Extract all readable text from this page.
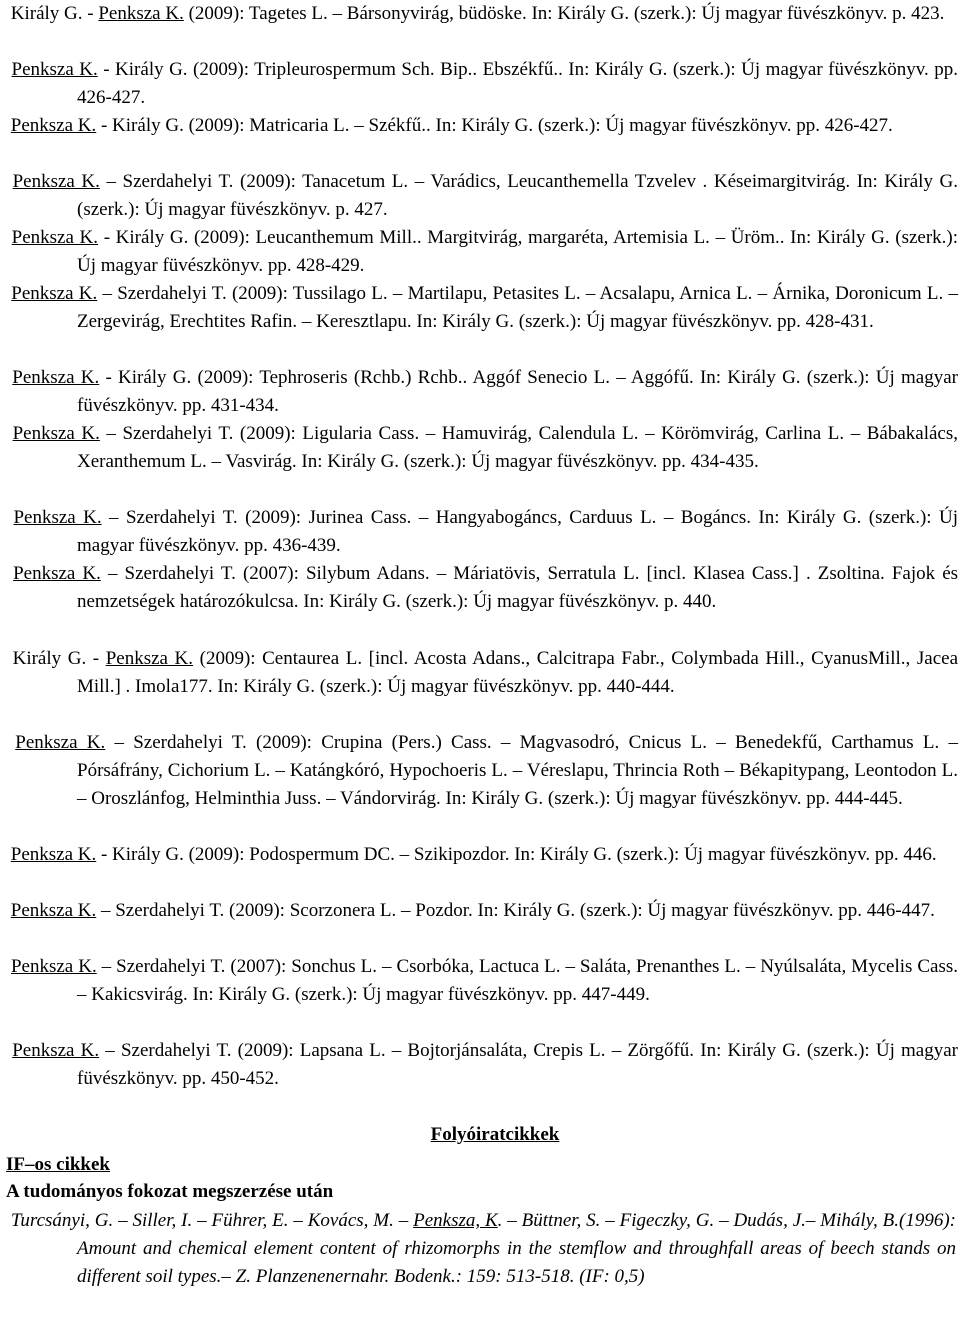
Király G. - Penksza K. (2009): Tagetes L. – Bársonyvirág, büdöske. In: Király G. (szerk.): Új magyar füvészkönyv. p. 423.
Penksza K. - Király G. (2009): Tripleurospermum Sch. Bip.. Ebszékfű.. In: Király G. (szerk.): Új magyar füvészkönyv. pp. 426-427.
Penksza K. - Király G. (2009): Matricaria L. – Székfű.. In: Király G. (szerk.): Új magyar füvészkönyv. pp. 426-427.
Penksza K. – Szerdahelyi T. (2009): Tanacetum L. – Varádics, Leucanthemella Tzvelev . Késeimargitvirág. In: Király G. (szerk.): Új magyar füvészkönyv. p. 427.
Penksza K. - Király G. (2009): Leucanthemum Mill.. Margitvirág, margaréta, Artemisia L. – Üröm.. In: Király G. (szerk.): Új magyar füvészkönyv. pp. 428-429.
Penksza K. – Szerdahelyi T. (2009): Tussilago L. – Martilapu, Petasites L. – Acsalapu, Arnica L. – Árnika, Doronicum L. – Zergevirág, Erechtites Rafin. – Keresztlapu. In: Király G. (szerk.): Új magyar füvészkönyv. pp. 428-431.
Penksza K. - Király G. (2009): Tephroseris (Rchb.) Rchb.. Aggóf Senecio L. – Aggófű. In: Király G. (szerk.): Új magyar füvészkönyv. pp. 431-434.
Penksza K. – Szerdahelyi T. (2009): Ligularia Cass. – Hamuvirág, Calendula L. – Körömvirág, Carlina L. – Bábakalács, Xeranthemum L. – Vasvirág. In: Király G. (szerk.): Új magyar füvészkönyv. pp. 434-435.
Penksza K. – Szerdahelyi T. (2009): Jurinea Cass. – Hangyabogáncs, Carduus L. – Bogáncs. In: Király G. (szerk.): Új magyar füvészkönyv. pp. 436-439.
Penksza K. – Szerdahelyi T. (2007): Silybum Adans. – Máriatövis, Serratula L. [incl. Klasea Cass.] . Zsoltina. Fajok és nemzetségek határozókulcsa. In: Király G. (szerk.): Új magyar füvészkönyv. p. 440.
Király G. - Penksza K. (2009): Centaurea L. [incl. Acosta Adans., Calcitrapa Fabr., Colymbada Hill., CyanusMill., Jacea Mill.] . Imola177. In: Király G. (szerk.): Új magyar füvészkönyv. pp. 440-444.
Penksza K. – Szerdahelyi T. (2009): Crupina (Pers.) Cass. – Magvasodró, Cnicus L. – Benedekfű, Carthamus L. – Pórsáfrány, Cichorium L. – Katángkóró, Hypochoeris L. – Véreslapu, Thrincia Roth – Békapitypang, Leontodon L. – Oroszlánfog, Helminthia Juss. – Vándorvirág. In: Király G. (szerk.): Új magyar füvészkönyv. pp. 444-445.
Penksza K. - Király G. (2009): Podospermum DC. – Szikipozdor. In: Király G. (szerk.): Új magyar füvészkönyv. pp. 446.
Penksza K. – Szerdahelyi T. (2009): Scorzonera L. – Pozdor. In: Király G. (szerk.): Új magyar füvészkönyv. pp. 446-447.
Penksza K. – Szerdahelyi T. (2007): Sonchus L. – Csorbóka, Lactuca L. – Saláta, Prenanthes L. – Nyúlsaláta, Mycelis Cass. – Kakicsvirág. In: Király G. (szerk.): Új magyar füvészkönyv. pp. 447-449.
Penksza K. – Szerdahelyi T. (2009): Lapsana L. – Bojtorjánsaláta, Crepis L. – Zörgőfű. In: Király G. (szerk.): Új magyar füvészkönyv. pp. 450-452.
Folyóiratcikkek
IF–os cikkek
A tudományos fokozat megszerzése után
Turcsányi, G. – Siller, I. – Führer, E. – Kovács, M. – Penksza, K. – Büttner, S. – Figeczky, G. – Dudás, J.– Mihály, B.(1996): Amount and chemical element content of rhizomorphs in the stemflow and throughfall areas of beech stands on different soil types.– Z. Planzenenernahr. Bodenk.: 159: 513-518. (IF: 0,5)
